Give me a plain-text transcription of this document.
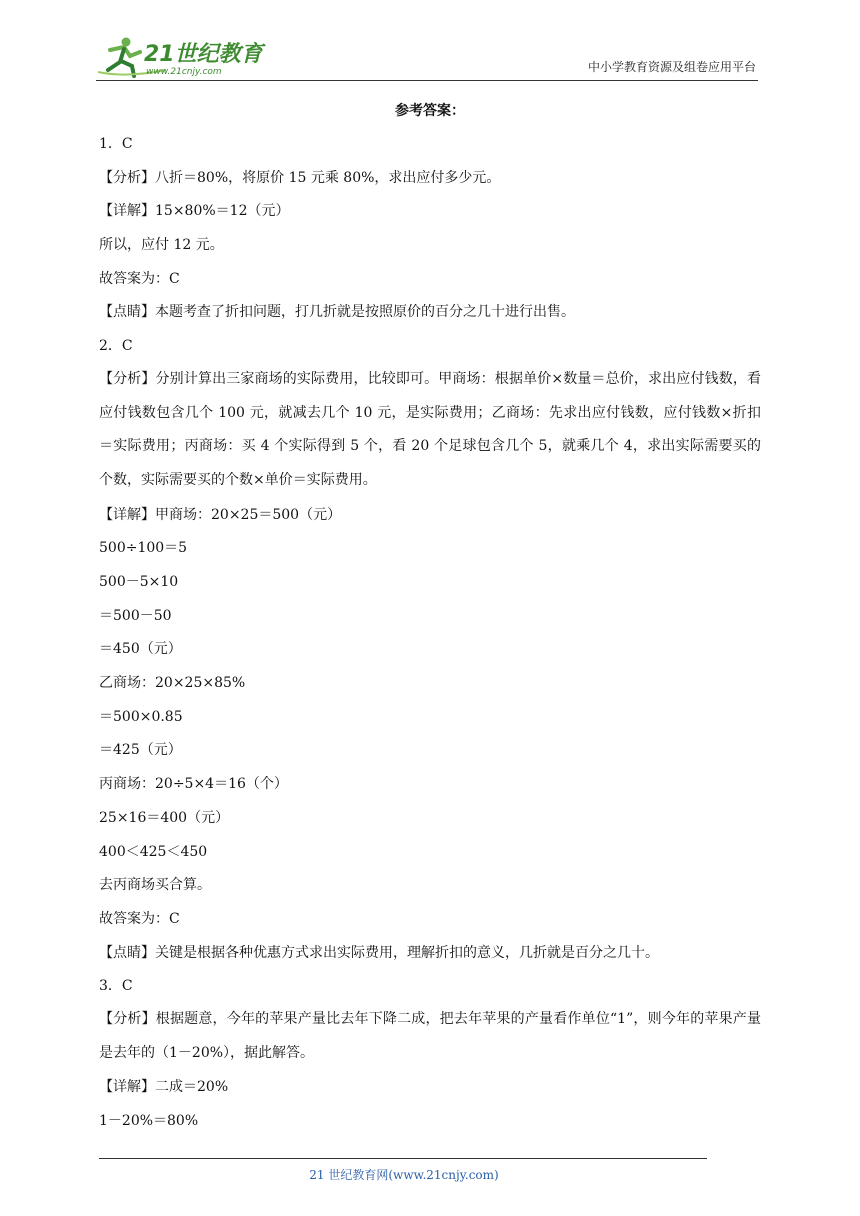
21世纪教育
www.21cnjy.com	中小学教育资源及组卷应用平台
参考答案：
1．C
【分析】八折＝80%，将原价 15 元乘 80%，求出应付多少元。
【详解】15×80%＝12（元）
所以，应付 12 元。
故答案为：C
【点睛】本题考查了折扣问题，打几折就是按照原价的百分之几十进行出售。
2．C
【分析】分别计算出三家商场的实际费用，比较即可。甲商场：根据单价×数量＝总价，求出应付钱数，看应付钱数包含几个 100 元，就减去几个 10 元，是实际费用；乙商场：先求出应付钱数，应付钱数×折扣＝实际费用；丙商场：买 4 个实际得到 5 个，看 20 个足球包含几个 5，就乘几个 4，求出实际需要买的个数，实际需要买的个数×单价＝实际费用。
【详解】甲商场：20×25＝500（元）
500÷100＝5
500－5×10
＝500－50
＝450（元）
乙商场：20×25×85%
＝500×0.85
＝425（元）
丙商场：20÷5×4＝16（个）
25×16＝400（元）
400＜425＜450
去丙商场买合算。
故答案为：C
【点睛】关键是根据各种优惠方式求出实际费用，理解折扣的意义，几折就是百分之几十。
3．C
【分析】根据题意，今年的苹果产量比去年下降二成，把去年苹果的产量看作单位“1”，则今年的苹果产量是去年的（1－20%），据此解答。
【详解】二成＝20%
1－20%＝80%
21 世纪教育网(www.21cnjy.com)
